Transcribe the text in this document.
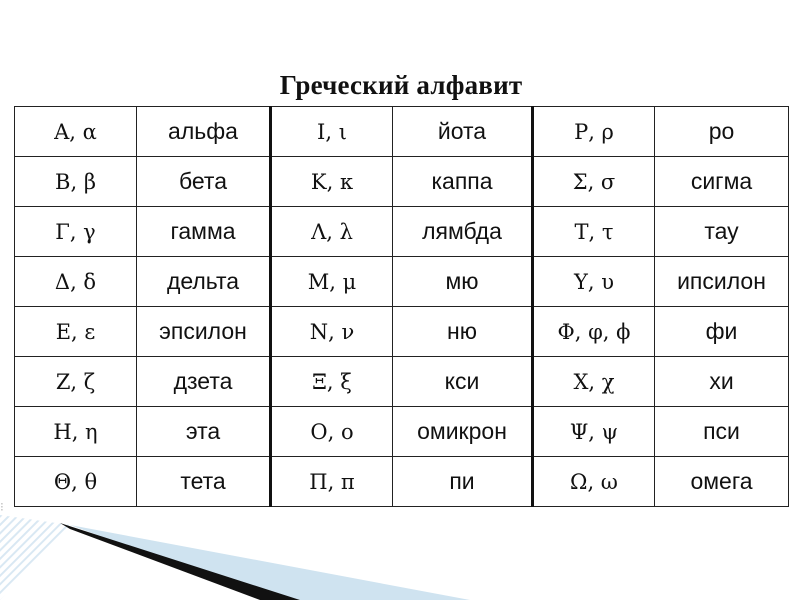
Греческий алфавит
Α, α	альфа	Ι, ι	йота	Ρ, ρ	ро
Β, β	бета	Κ, κ	каппа	Σ, σ	сигма
Γ, γ	гамма	Λ, λ	лямбда	Τ, τ	тау
Δ, δ	дельта	Μ, μ	мю	Υ, υ	ипсилон
Ε, ε	эпсилон	Ν, ν	ню	Φ, φ, ϕ	фи
Ζ, ζ	дзета	Ξ, ξ	кси	Χ, χ	хи
Η, η	эта	Ο, ο	омикрон	Ψ, ψ	пси
Θ, θ	тета	Π, π	пи	Ω, ω	омега
⁝
